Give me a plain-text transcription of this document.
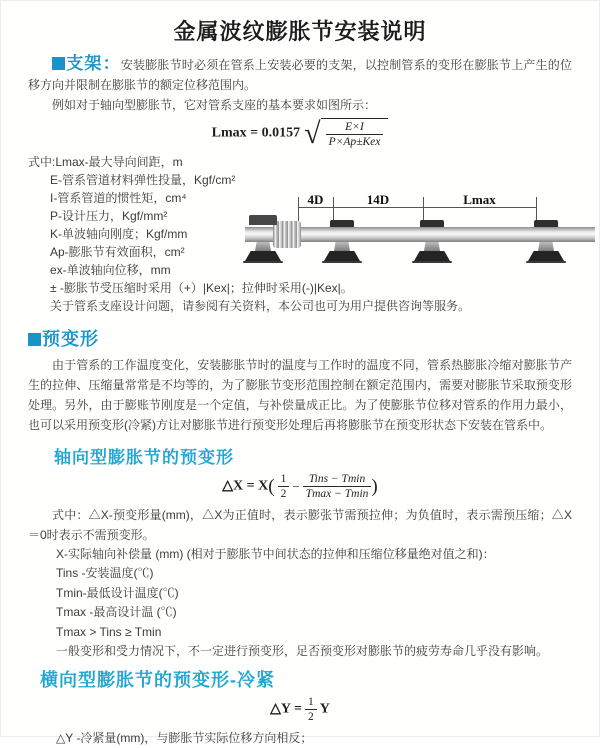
金属波纹膨胀节安装说明

支架：安装膨胀节时必须在管系上安装必要的支架，以控制管系的变形在膨胀节上产生的位移方向并限制在膨胀节的额定位移范围内。

例如对于轴向型膨胀节，它对管系支座的基本要求如图所示：

Lmax = 0.0157 √ $\frac{E\times I}{\text{P×Ap±Kex}}$
式中:Lmax-最大导向间距，m
E-管系管道材料弹性投量，Kgf/cm²
I-管系管道的惯性矩，cm⁴
P-设计压力，Kgf/mm²
K-单波轴向刚度；Kgf/mm
Ap-膨胀节有效面积，cm²
ex-单波轴向位移，mm
± -膨胀节受压缩时采用（+）|Kex|；拉伸时采用(-)|Kex|。
关于管系支座设计问题，请参阅有关资料，本公司也可为用户提供咨询等服务。
预变形

由于管系的工作温度变化，安装膨胀节时的温度与工作时的温度不同，管系热膨胀冷缩对膨胀节产生的拉伸、压缩量常常是不均等的，为了膨胀节变形范围控制在额定范围内，需要对膨胀节采取预变形处理。另外，由于膨账节刚度是一个定值，与补偿量成正比。为了使膨胀节位移对管系的作用力最小，也可以采用预变形(冷紧)方让对膨胀节进行预变形处理后再将膨胀节在预变形状态下安装在管系中。

轴向型膨胀节的预变形
△X = $X( \frac{1}{2} - \frac{\text{Tins − Tmin}}{Tmax - Tmin}$ )

式中：△X-预变形量(mm)，△X为正值时，表示膨张节需预拉伸；为负值时，表示需预压缩；△X＝0时表示不需预变形。

X-实际轴向补偿量 (mm) (相对于膨胀节中间状态的拉伸和压缩位移量绝对值之和)：
Tins -安装温度(℃)
Tmin-最低设计温度(℃)
Tmax -最高设计温 (℃)
Tmax > Tins ≥ Tmin
一般变形和受力情况下，不一定进行预变形，足否预变形对膨胀节的疲劳寿命几乎没有影响。
横向型膨胀节的预变形-冷紧
△Y = $\frac{1}{2}$ Y
△Y -冷紧量(mm)，与膨胀节实际位移方向相反；
4D	14D	Lmax
